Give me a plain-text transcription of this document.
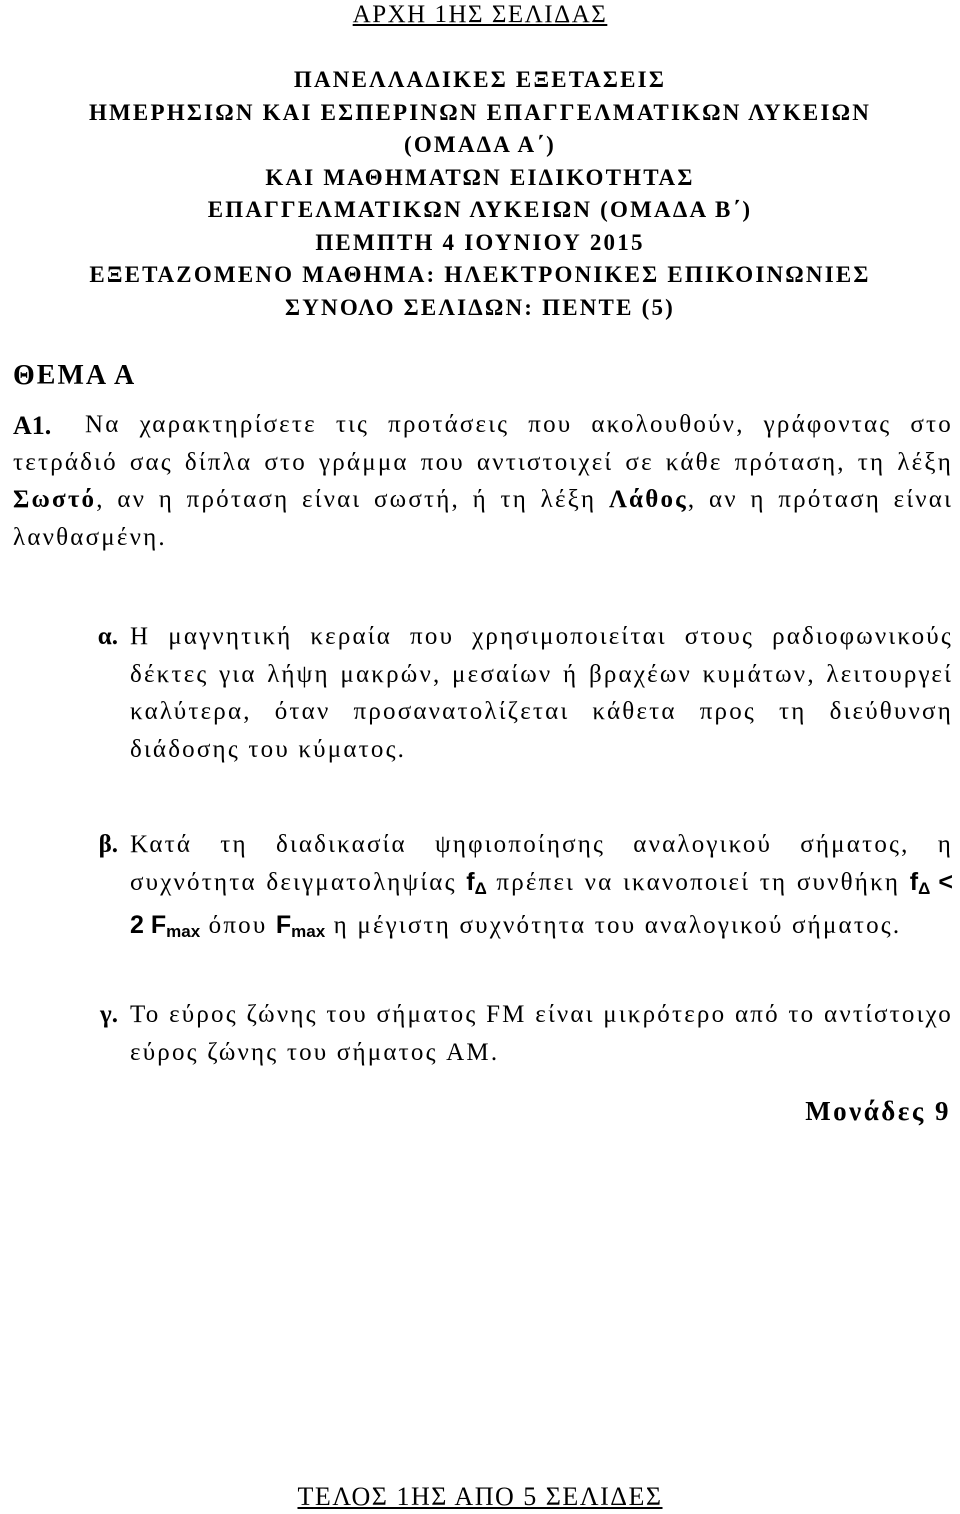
ΑΡΧΗ 1ΗΣ ΣΕΛΙΔΑΣ
ΠΑΝΕΛΛΑΔΙΚΕΣ ΕΞΕΤΑΣΕΙΣ
ΗΜΕΡΗΣΙΩΝ ΚΑΙ ΕΣΠΕΡΙΝΩΝ ΕΠΑΓΓΕΛΜΑΤΙΚΩΝ ΛΥΚΕΙΩΝ
(ΟΜΑΔΑ Α΄)
ΚΑΙ ΜΑΘΗΜΑΤΩΝ ΕΙΔΙΚΟΤΗΤΑΣ
ΕΠΑΓΓΕΛΜΑΤΙΚΩΝ ΛΥΚΕΙΩΝ (ΟΜΑΔΑ Β΄)
ΠΕΜΠΤΗ 4 ΙΟΥΝΙΟΥ 2015
ΕΞΕΤΑΖΟΜΕΝΟ ΜΑΘΗΜΑ: ΗΛΕΚΤΡΟΝΙΚΕΣ ΕΠΙΚΟΙΝΩΝΙΕΣ
ΣΥΝΟΛΟ ΣΕΛΙΔΩΝ: ΠΕΝΤΕ (5)
ΘΕΜΑ Α
Α1.	Να χαρακτηρίσετε τις προτάσεις που ακολουθούν, γράφοντας στο τετράδιό σας δίπλα στο γράμμα που αντιστοιχεί σε κάθε πρόταση, τη λέξη Σωστό, αν η πρόταση είναι σωστή, ή τη λέξη Λάθος, αν η πρόταση είναι λανθασμένη.
α. Η μαγνητική κεραία που χρησιμοποιείται στους ραδιοφωνικούς δέκτες για λήψη μακρών, μεσαίων ή βραχέων κυμάτων, λειτουργεί καλύτερα, όταν προσανατολίζεται κάθετα προς τη διεύθυνση διάδοσης του κύματος.
β. Κατά τη διαδικασία ψηφιοποίησης αναλογικού σήματος, η συχνότητα δειγματοληψίας $f_\Delta$ πρέπει να ικανοποιεί τη συνθήκη $f_\Delta < 2$ $F_{max}$ όπου $F_{max}$ η μέγιστη συχνότητα του αναλογικού σήματος.
γ. Το εύρος ζώνης του σήματος FM είναι μικρότερο από το αντίστοιχο εύρος ζώνης του σήματος AM.
Μονάδες 9
ΤΕΛΟΣ 1ΗΣ ΑΠΟ 5 ΣΕΛΙΔΕΣ
